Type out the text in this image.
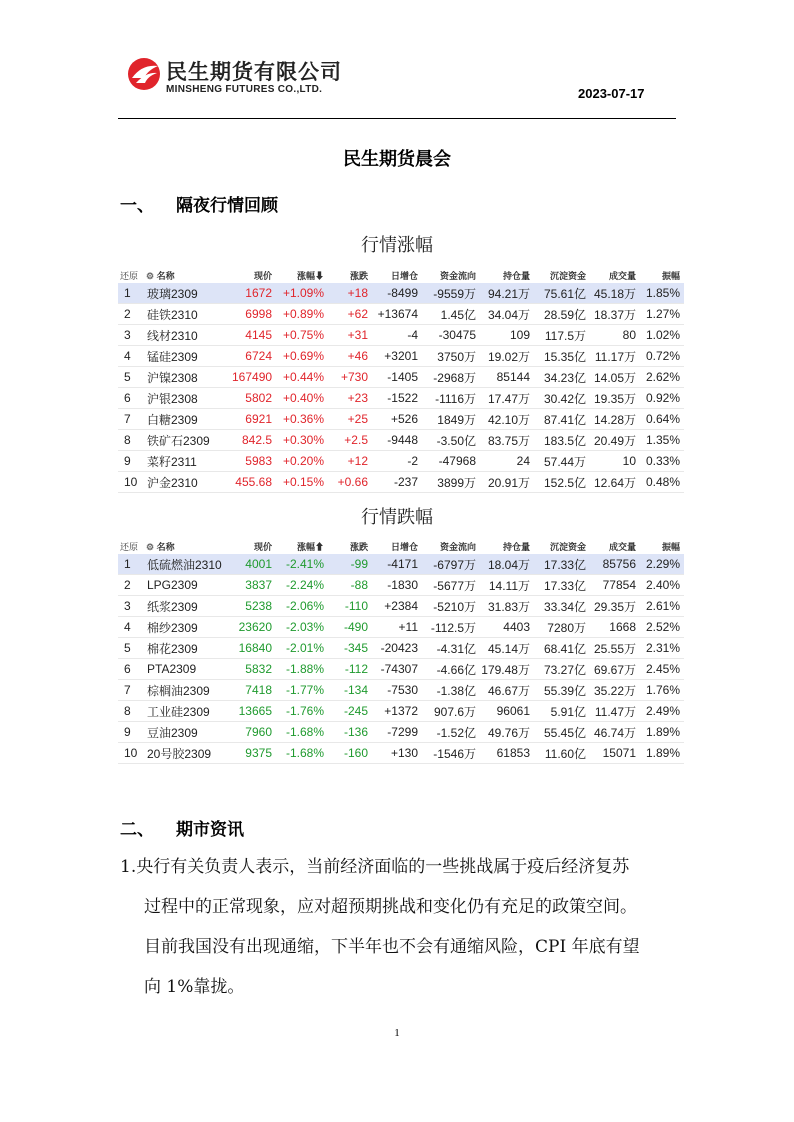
民生期货有限公司
MINSHENG FUTURES CO.,LTD.	2023-07-17
民生期货晨会
一、 隔夜行情回顾
行情涨幅
还原	⚙ 名称	现价	涨幅⬇	涨跌	日增仓	资金流向	持仓量	沉淀资金	成交量	振幅
1	玻璃2309	1672	+1.09%	+18	-8499	-9559万	94.21万	75.61亿	45.18万	1.85%
2	硅铁2310	6998	+0.89%	+62	+13674	1.45亿	34.04万	28.59亿	18.37万	1.27%
3	线材2310	4145	+0.75%	+31	-4	-30475	109	117.5万	80	1.02%
4	锰硅2309	6724	+0.69%	+46	+3201	3750万	19.02万	15.35亿	11.17万	0.72%
5	沪镍2308	167490	+0.44%	+730	-1405	-2968万	85144	34.23亿	14.05万	2.62%
6	沪银2308	5802	+0.40%	+23	-1522	-1116万	17.47万	30.42亿	19.35万	0.92%
7	白糖2309	6921	+0.36%	+25	+526	1849万	42.10万	87.41亿	14.28万	0.64%
8	铁矿石2309	842.5	+0.30%	+2.5	-9448	-3.50亿	83.75万	183.5亿	20.49万	1.35%
9	菜籽2311	5983	+0.20%	+12	-2	-47968	24	57.44万	10	0.33%
10	沪金2310	455.68	+0.15%	+0.66	-237	3899万	20.91万	152.5亿	12.64万	0.48%
行情跌幅
还原	⚙ 名称	现价	涨幅⬆	涨跌	日增仓	资金流向	持仓量	沉淀资金	成交量	振幅
1	低硫燃油2310	4001	-2.41%	-99	-4171	-6797万	18.04万	17.33亿	85756	2.29%
2	LPG2309	3837	-2.24%	-88	-1830	-5677万	14.11万	17.33亿	77854	2.40%
3	纸浆2309	5238	-2.06%	-110	+2384	-5210万	31.83万	33.34亿	29.35万	2.61%
4	棉纱2309	23620	-2.03%	-490	+11	-112.5万	4403	7280万	1668	2.52%
5	棉花2309	16840	-2.01%	-345	-20423	-4.31亿	45.14万	68.41亿	25.55万	2.31%
6	PTA2309	5832	-1.88%	-112	-74307	-4.66亿	179.48万	73.27亿	69.67万	2.45%
7	棕榈油2309	7418	-1.77%	-134	-7530	-1.38亿	46.67万	55.39亿	35.22万	1.76%
8	工业硅2309	13665	-1.76%	-245	+1372	907.6万	96061	5.91亿	11.47万	2.49%
9	豆油2309	7960	-1.68%	-136	-7299	-1.52亿	49.76万	55.45亿	46.74万	1.89%
10	20号胶2309	9375	-1.68%	-160	+130	-1546万	61853	11.60亿	15071	1.89%
二、 期市资讯
1.央行有关负责人表示，当前经济面临的一些挑战属于疫后经济复苏
过程中的正常现象，应对超预期挑战和变化仍有充足的政策空间。
目前我国没有出现通缩，下半年也不会有通缩风险，CPI 年底有望
向 1%靠拢。
1
